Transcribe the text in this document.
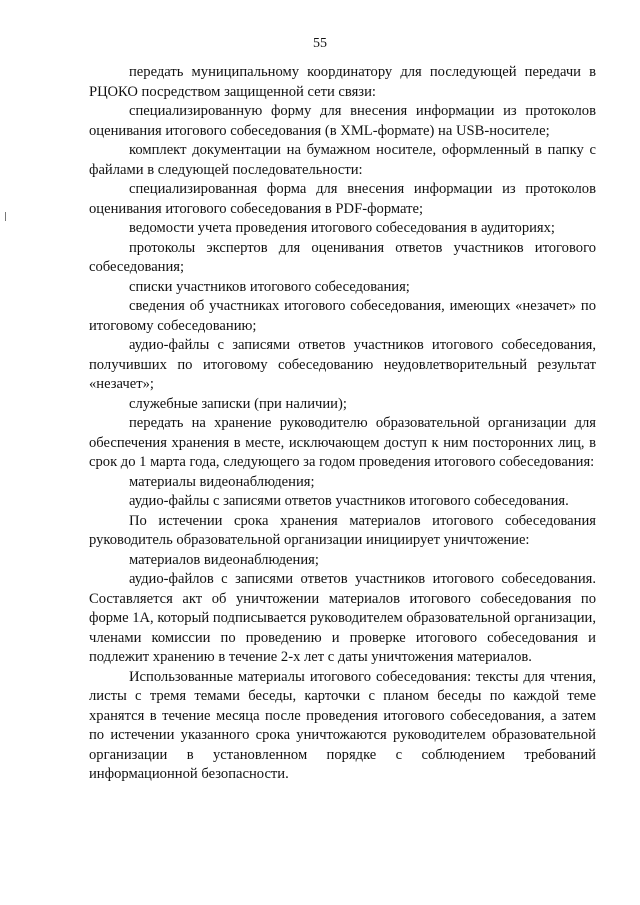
55

передать муниципальному координатору для последующей передачи в РЦОКО посредством защищенной сети связи:

специализированную форму для внесения информации из протоколов оценивания итогового собеседования (в XML-формате) на USB-носителе;

комплект документации на бумажном носителе, оформленный в папку с файлами в следующей последовательности:

специализированная форма для внесения информации из протоколов оценивания итогового собеседования в PDF-формате;

ведомости учета проведения итогового собеседования в аудиториях;

протоколы экспертов для оценивания ответов участников итогового собеседования;

списки участников итогового собеседования;

сведения об участниках итогового собеседования, имеющих «незачет» по итоговому собеседованию;

аудио-файлы с записями ответов участников итогового собеседования, получивших по итоговому собеседованию неудовлетворительный результат «незачет»;

служебные записки (при наличии);

передать на хранение руководителю образовательной организации для обеспечения хранения в месте, исключающем доступ к ним посторонних лиц, в срок до 1 марта года, следующего за годом проведения итогового собеседования:

материалы видеонаблюдения;

аудио-файлы с записями ответов участников итогового собеседования.

По истечении срока хранения материалов итогового собеседования руководитель образовательной организации инициирует уничтожение:

материалов видеонаблюдения;

аудио-файлов с записями ответов участников итогового собеседования. Составляется акт об уничтожении материалов итогового собеседования по форме 1А, который подписывается руководителем образовательной организации, членами комиссии по проведению и проверке итогового собеседования и подлежит хранению в течение 2-х лет с даты уничтожения материалов.

Использованные материалы итогового собеседования: тексты для чтения, листы с тремя темами беседы, карточки с планом беседы по каждой теме хранятся в течение месяца после проведения итогового собеседования, а затем по истечении указанного срока уничтожаются руководителем образовательной организации в установленном порядке с соблюдением требований информационной безопасности.
